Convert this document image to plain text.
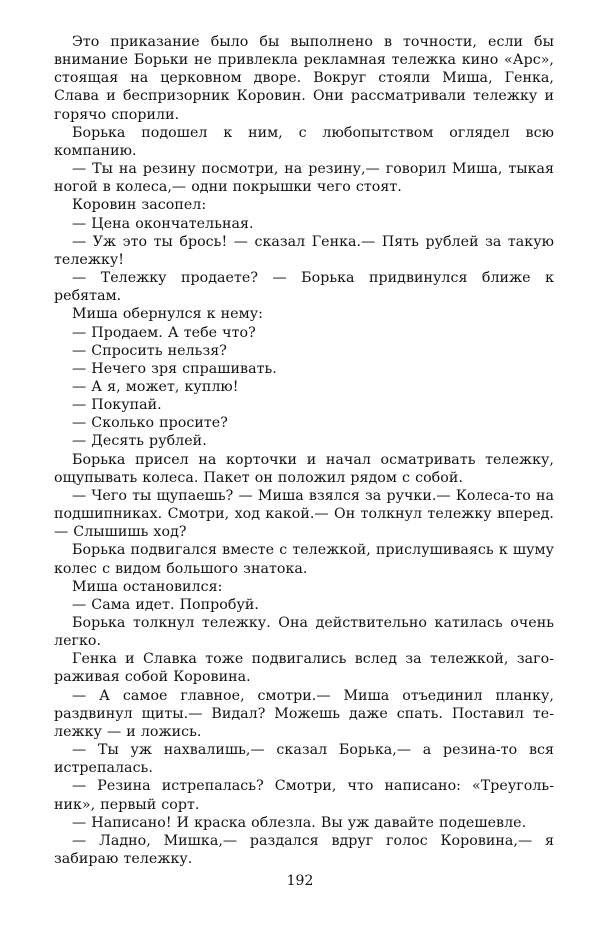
Это приказание было бы выполнено в точности, если бы внимание Борьки не привлекла рекламная тележка кино «Арс», стоящая на церковном дворе. Вокруг стояли Миша, Генка, Слава и беспризорник Коровин. Они рассматривали тележку и горячо спорили.

Борька подошел к ним, с любопытством оглядел всю компанию.

— Ты на резину посмотри, на резину,— говорил Миша, тыкая ногой в колеса,— одни покрышки чего стоят.

Коровин засопел:

— Цена окончательная.

— Уж это ты брось! — сказал Генка.— Пять рублей за такую тележку!

— Тележку продаете? — Борька придвинулся ближе к ребятам.

Миша обернулся к нему:

— Продаем. А тебе что?

— Спросить нельзя?

— Нечего зря спрашивать.

— А я, может, куплю!

— Покупай.

— Сколько просите?

— Десять рублей.

Борька присел на корточки и начал осматривать тележку, ощупывать колеса. Пакет он положил рядом с собой.

— Чего ты щупаешь? — Миша взялся за ручки.— Колеса-то на подшипниках. Смотри, ход какой.— Он толкнул тележку вперед.— Слышишь ход?

Борька подвигался вместе с тележкой, прислушиваясь к шуму колес с видом большого знатока.

Миша остановился:

— Сама идет. Попробуй.

Борька толкнул тележку. Она действительно катилась очень легко.

Генка и Славка тоже подвигались вслед за тележкой, загораживая собой Коровина.

— А самое главное, смотри.— Миша отъединил планку, раздвинул щиты.— Видал? Можешь даже спать. Поставил тележку — и ложись.

— Ты уж нахвалишь,— сказал Борька,— а резина-то вся истрепалась.

— Резина истрепалась? Смотри, что написано: «Треугольник», первый сорт.

— Написано! И краска облезла. Вы уж давайте подешевле.

— Ладно, Мишка,— раздался вдруг голос Коровина,— я забираю тележку.

192
